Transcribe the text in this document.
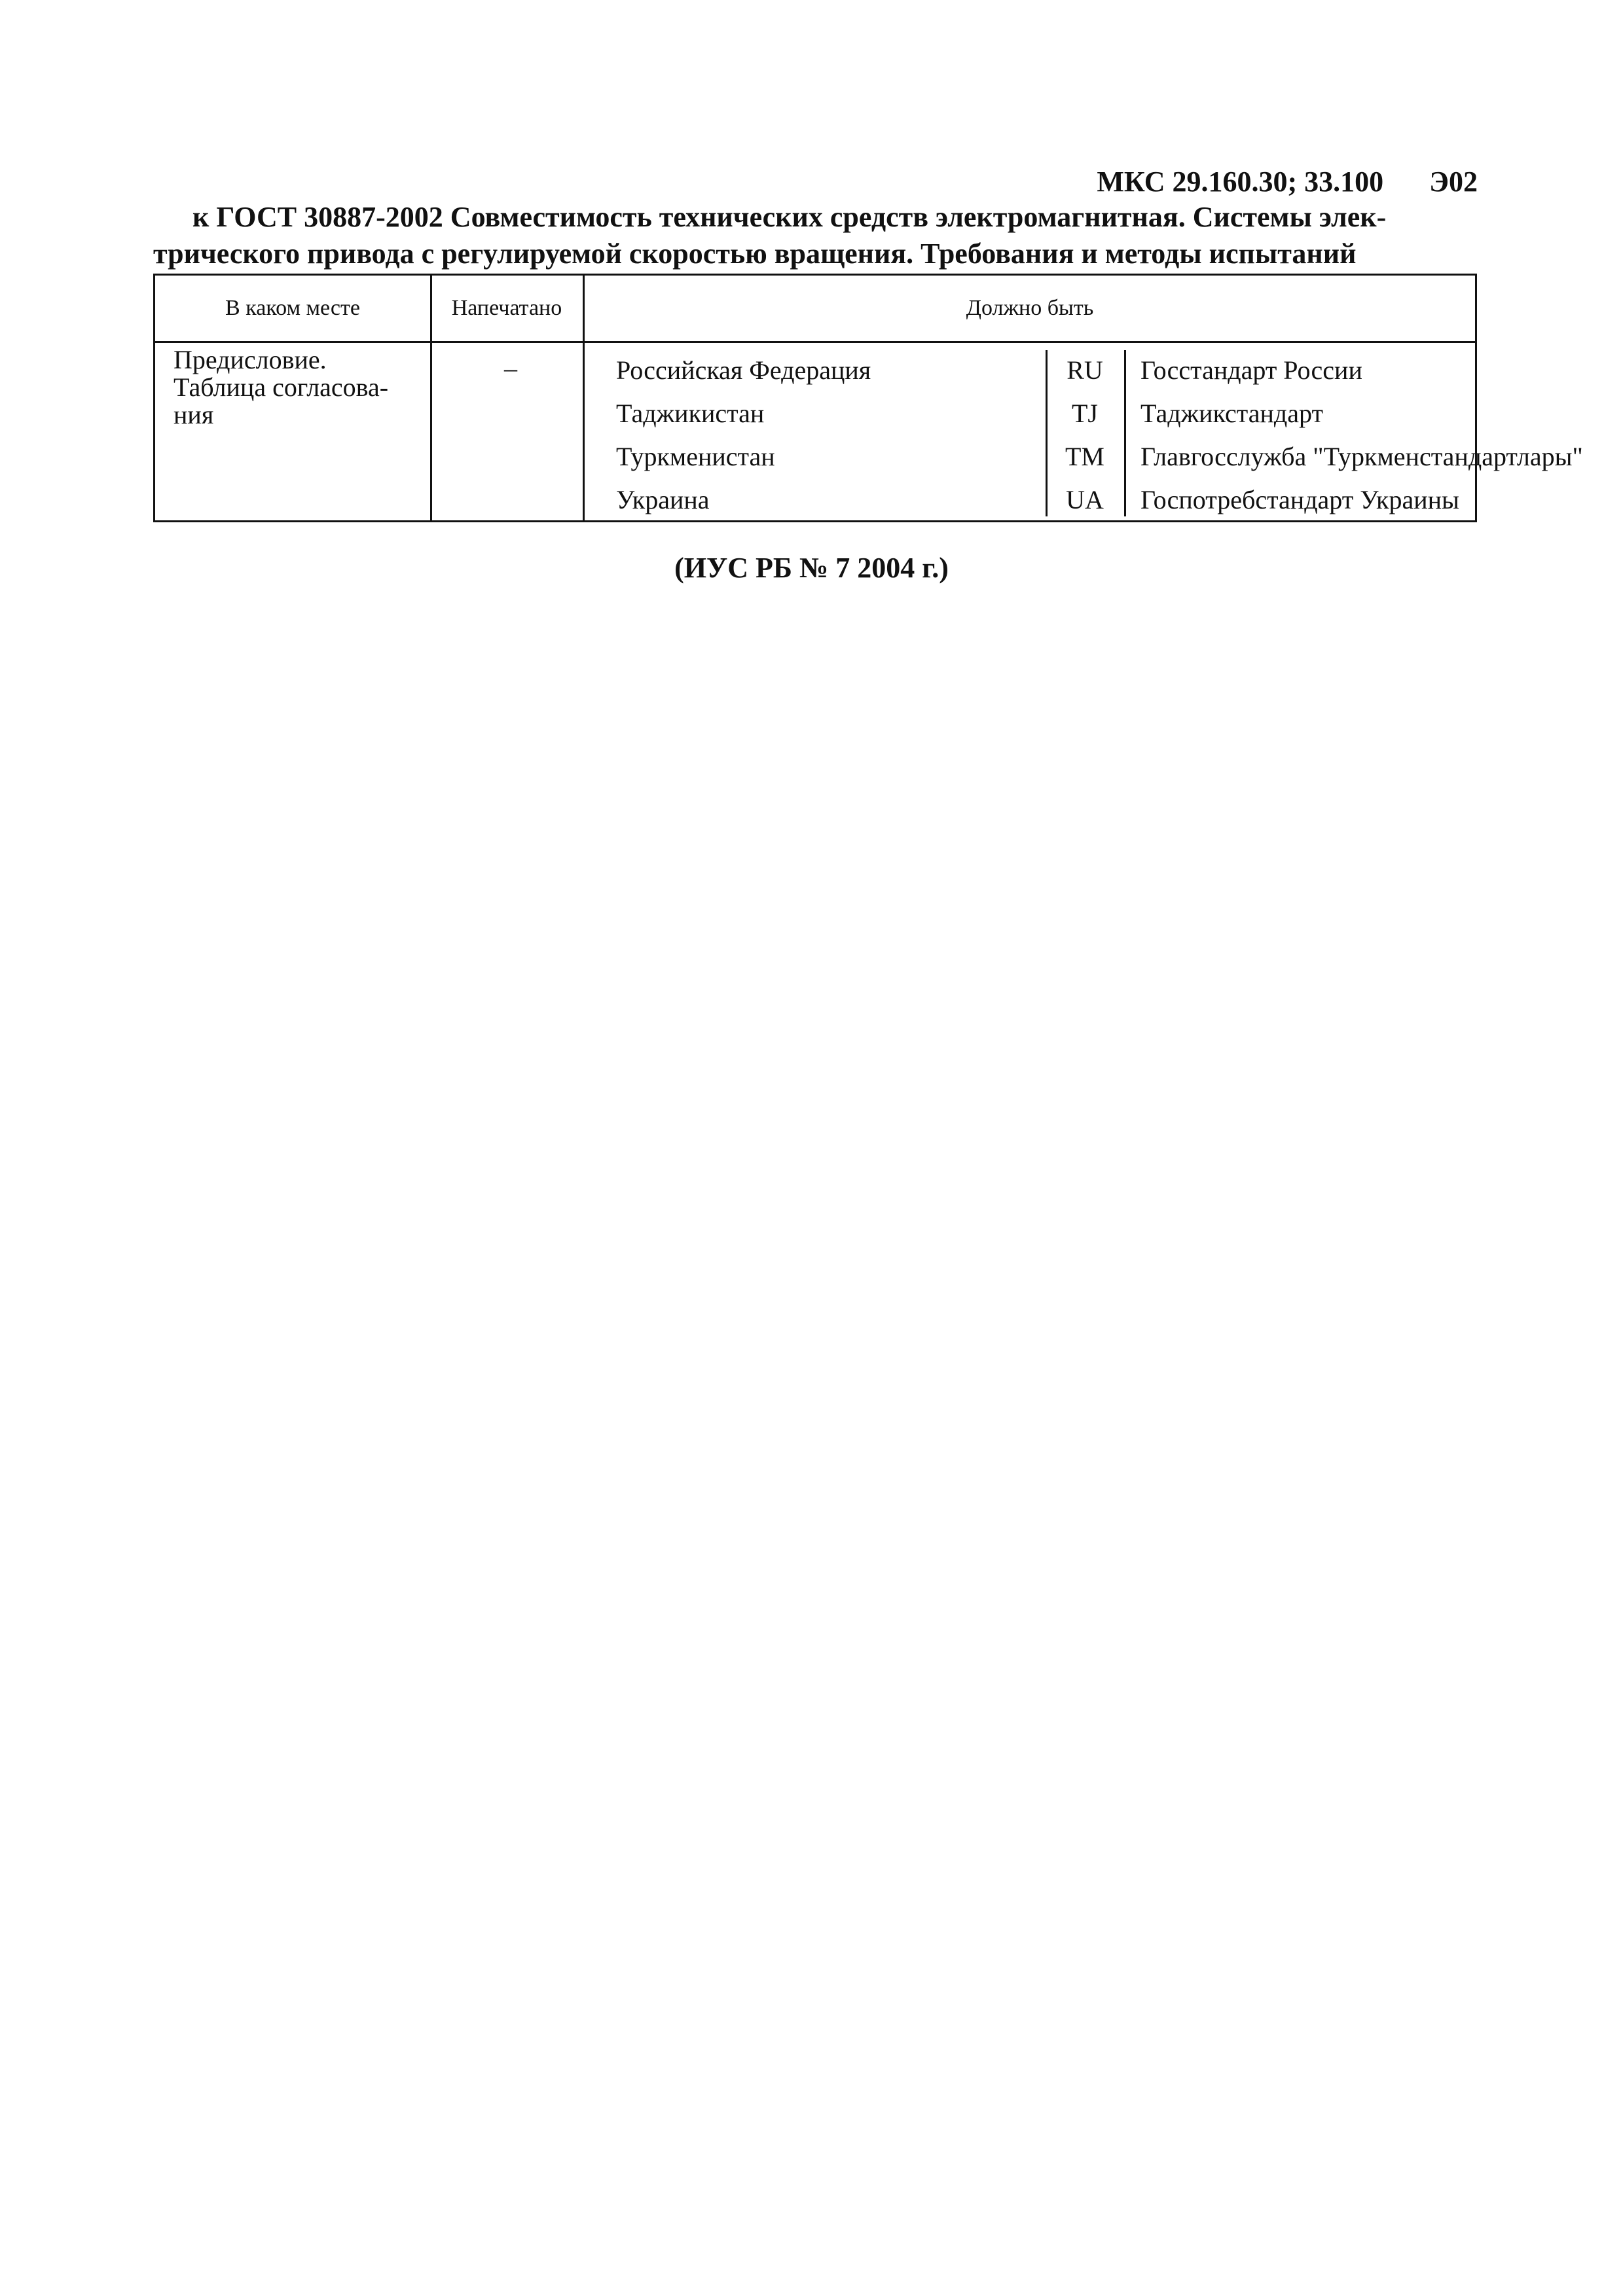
МКС 29.160.30; 33.100 Э02
к ГОСТ 30887-2002 Совместимость технических средств электромагнитная. Системы элек-
трического привода с регулируемой скоростью вращения. Требования и методы испытаний
В каком месте	Напечатано	Должно быть
Предисловие.
Таблица согласова-
ния
–	Российская Федерация	RU	Госстандарт России
Таджикистан	TJ	Таджикстандарт
Туркменистан	TM Главгосслужба "Туркменстандартлары"
Украина	UA Госпотребстандарт Украины
(ИУС РБ № 7 2004 г.)
